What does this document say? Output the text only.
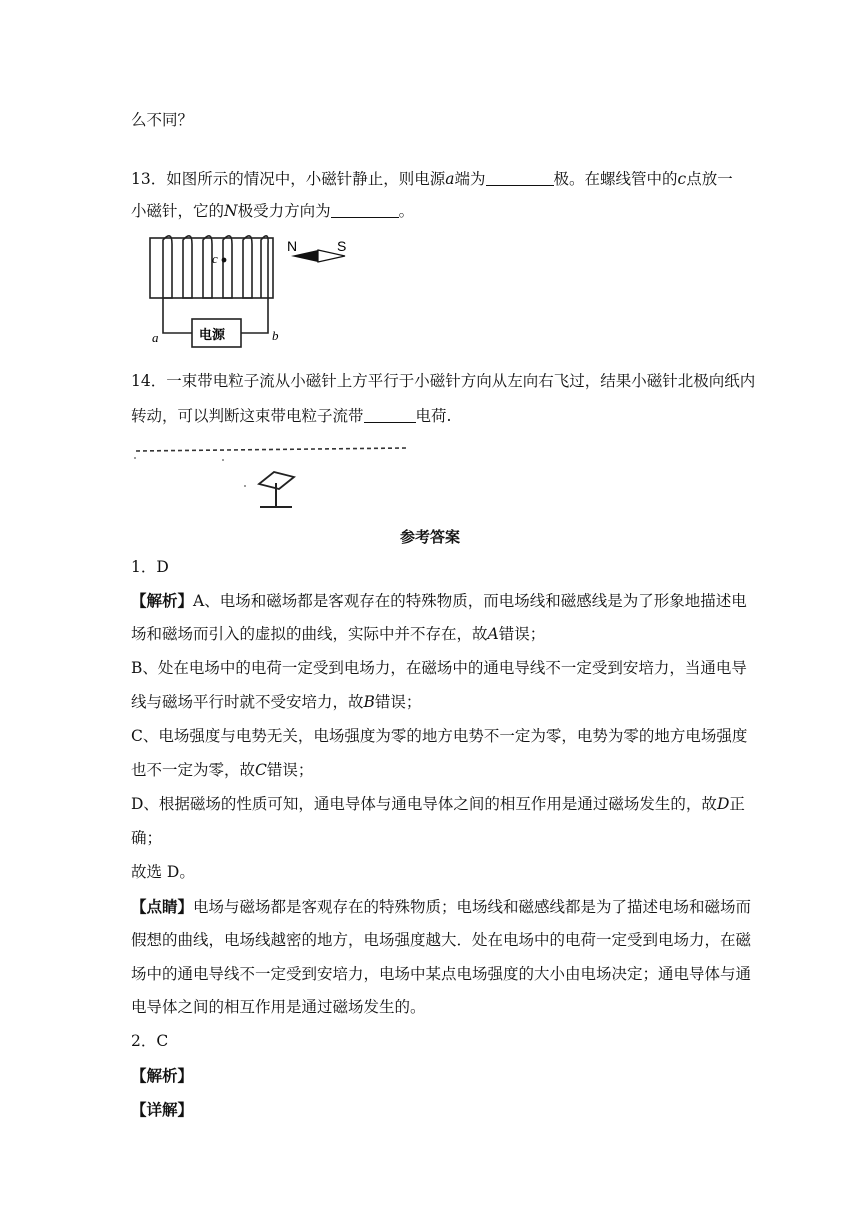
么不同？
13．如图所示的情况中，小磁针静止，则电源a端为	极。在螺线管中的c点放一
小磁针，它的N极受力方向为	。
c
电源
a	b
N	S
14．一束带电粒子流从小磁针上方平行于小磁针方向从左向右飞过，结果小磁针北极向纸内
转动，可以判断这束带电粒子流带	电荷.
参考答案
1．D
【解析】A、电场和磁场都是客观存在的特殊物质，而电场线和磁感线是为了形象地描述电
场和磁场而引入的虚拟的曲线，实际中并不存在，故A错误；
B、处在电场中的电荷一定受到电场力，在磁场中的通电导线不一定受到安培力，当通电导
线与磁场平行时就不受安培力，故B错误；
C、电场强度与电势无关，电场强度为零的地方电势不一定为零，电势为零的地方电场强度
也不一定为零，故C错误；
D、根据磁场的性质可知，通电导体与通电导体之间的相互作用是通过磁场发生的，故D正
确；
故选 D。
【点睛】电场与磁场都是客观存在的特殊物质；电场线和磁感线都是为了描述电场和磁场而
假想的曲线，电场线越密的地方，电场强度越大．处在电场中的电荷一定受到电场力，在磁
场中的通电导线不一定受到安培力，电场中某点电场强度的大小由电场决定；通电导体与通
电导体之间的相互作用是通过磁场发生的。
2．C
【解析】
【详解】
